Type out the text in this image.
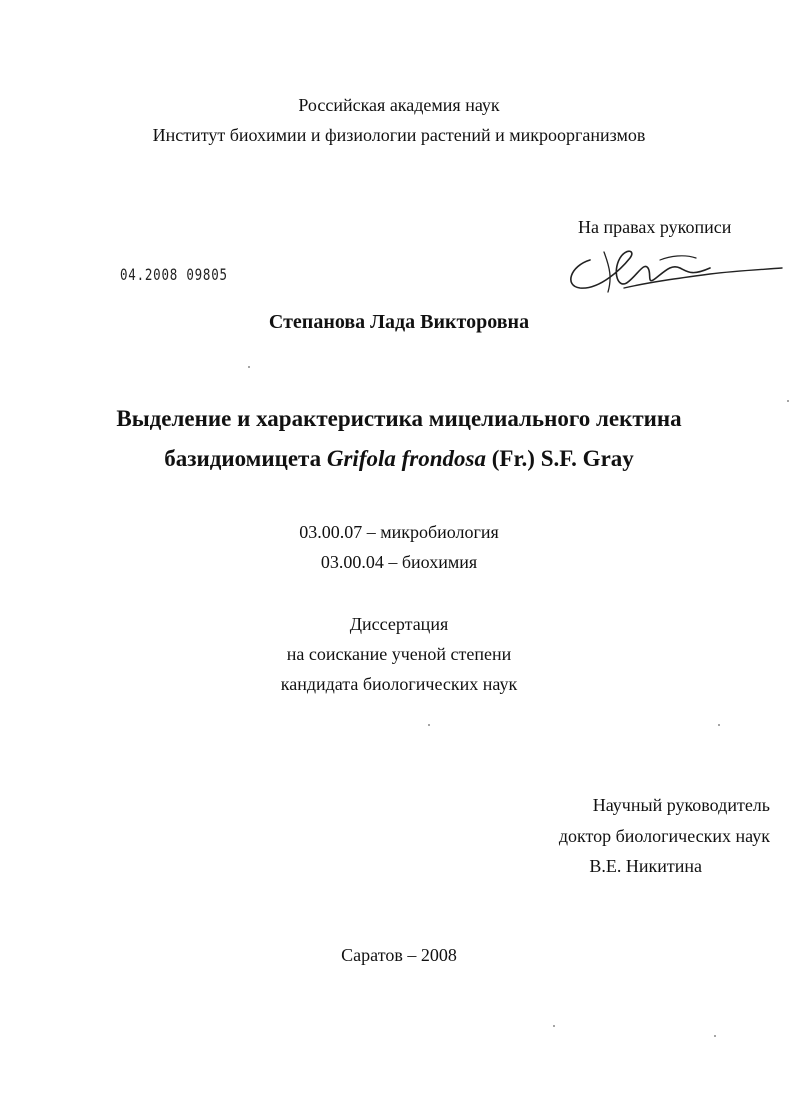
Российская академия наук
Институт биохимии и физиологии растений и микроорганизмов
На правах рукописи
04.2008 09805
Степанова Лада Викторовна
Выделение и характеристика мицелиального лектина
базидиомицета Grifola frondosa (Fr.) S.F. Gray
03.00.07 – микробиология
03.00.04 – биохимия
Диссертация
на соискание ученой степени
кандидата биологических наук
Научный руководитель
доктор биологических наук
В.Е. Никитина
Саратов – 2008
